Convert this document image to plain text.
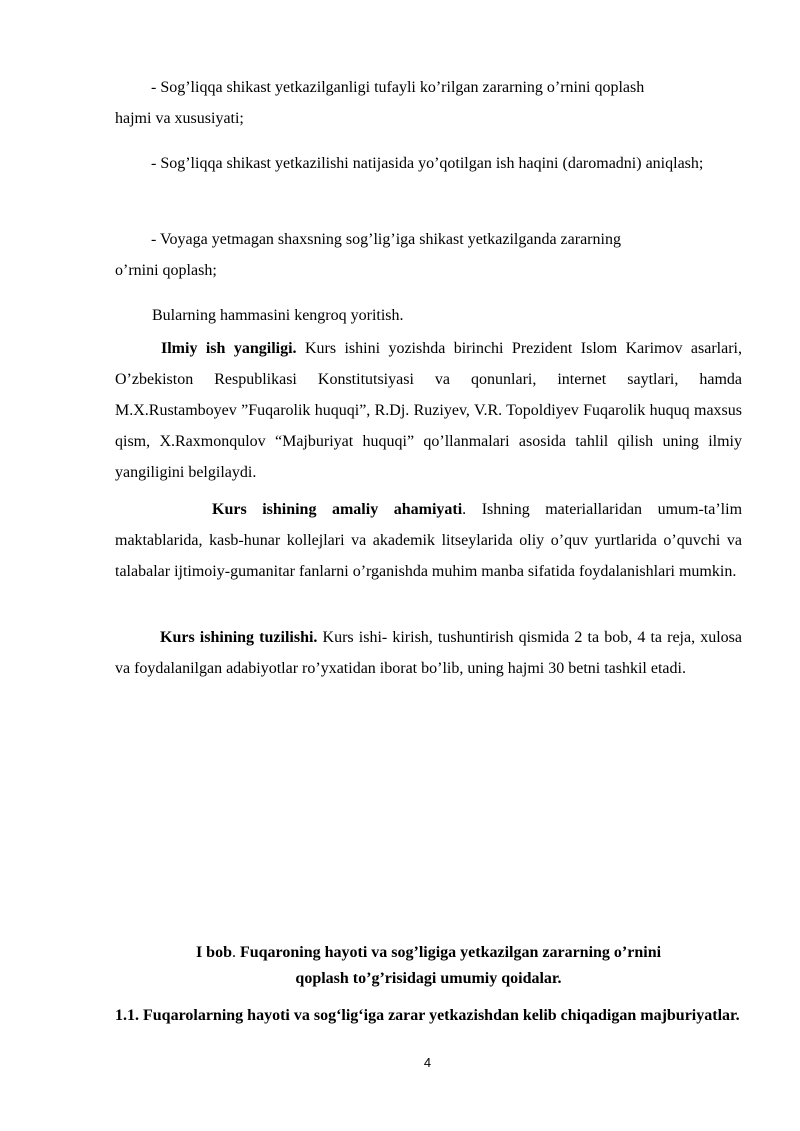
- Sog’liqqa shikast yetkazilganligi tufayli ko’rilgan zararning o’rnini qoplash
hajmi va xususiyati;
- Sog’liqqa shikast yetkazilishi natijasida yo’qotilgan ish haqini (daromadni) aniqlash;
- Voyaga yetmagan shaxsning sog’lig’iga shikast yetkazilganda zararning
o’rnini qoplash;
Bularning hammasini kengroq yoritish.
Ilmiy ish yangiligi. Kurs ishini yozishda birinchi Prezident Islom Karimov asarlari, O’zbekiston Respublikasi Konstitutsiyasi va qonunlari, internet saytlari, hamda M.X.Rustamboyev ”Fuqarolik huquqi”, R.Dj. Ruziyev, V.R. Topoldiyev Fuqarolik huquq maxsus qism, X.Raxmonqulov “Majburiyat huquqi” qo’llanmalari asosida tahlil qilish uning ilmiy yangiligini belgilaydi.
Kurs ishining amaliy ahamiyati. Ishning materiallaridan umum-ta’lim maktablarida, kasb-hunar kollejlari va akademik litseylarida oliy o’quv yurtlarida o’quvchi va talabalar ijtimoiy-gumanitar fanlarni o’rganishda muhim manba sifatida foydalanishlari mumkin.
Kurs ishining tuzilishi. Kurs ishi- kirish, tushuntirish qismida 2 ta bob, 4 ta reja, xulosa va foydalanilgan adabiyotlar ro’yxatidan iborat bo’lib, uning hajmi 30 betni tashkil etadi.
I bob. Fuqaroning hayoti va sog’ligiga yetkazilgan zararning o’rnini
qoplash to’g’risidagi umumiy qoidalar.
1.1. Fuqarolarning hayoti va sog‘lig‘iga zarar yetkazishdan kelib chiqadigan majburiyatlar.
4
